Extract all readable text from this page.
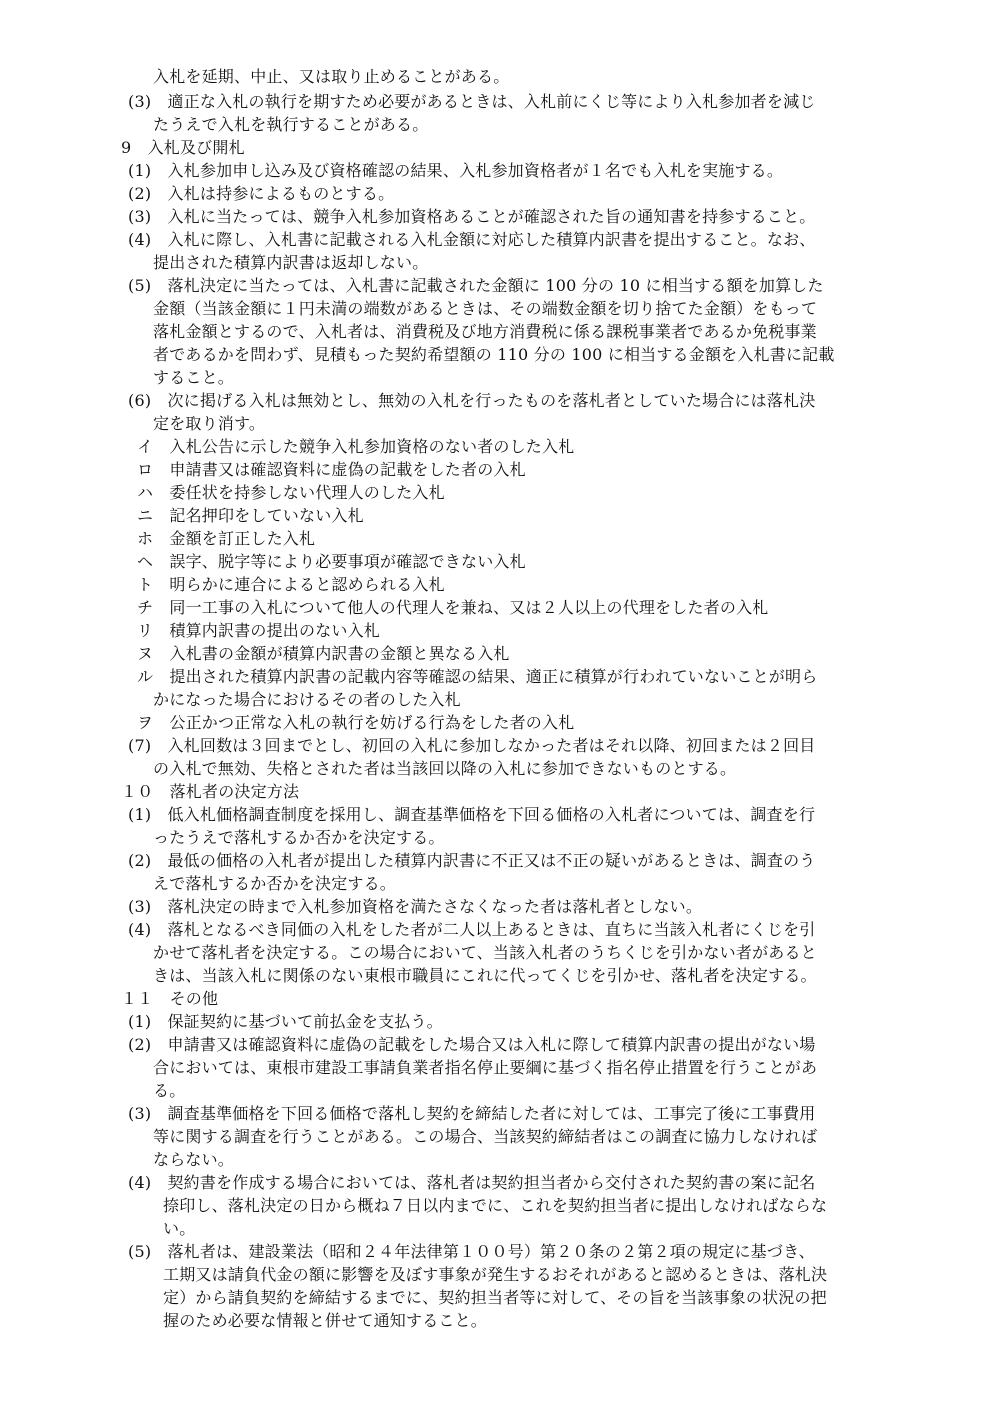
入札を延期、中止、又は取り止めることがある。
(3)　適正な入札の執行を期すため必要があるときは、入札前にくじ等により入札参加者を減じ
たうえで入札を執行することがある。
9　入札及び開札
(1)　入札参加申し込み及び資格確認の結果、入札参加資格者が１名でも入札を実施する。
(2)　入札は持参によるものとする。
(3)　入札に当たっては、競争入札参加資格あることが確認された旨の通知書を持参すること。
(4)　入札に際し、入札書に記載される入札金額に対応した積算内訳書を提出すること。なお、
提出された積算内訳書は返却しない。
(5)　落札決定に当たっては、入札書に記載された金額に 100 分の 10 に相当する額を加算した
金額（当該金額に１円未満の端数があるときは、その端数金額を切り捨てた金額）をもって
落札金額とするので、入札者は、消費税及び地方消費税に係る課税事業者であるか免税事業
者であるかを問わず、見積もった契約希望額の 110 分の 100 に相当する金額を入札書に記載
すること。
(6)　次に掲げる入札は無効とし、無効の入札を行ったものを落札者としていた場合には落札決
定を取り消す。
イ　入札公告に示した競争入札参加資格のない者のした入札
ロ　申請書又は確認資料に虚偽の記載をした者の入札
ハ　委任状を持参しない代理人のした入札
ニ　記名押印をしていない入札
ホ　金額を訂正した入札
ヘ　誤字、脱字等により必要事項が確認できない入札
ト　明らかに連合によると認められる入札
チ　同一工事の入札について他人の代理人を兼ね、又は２人以上の代理をした者の入札
リ　積算内訳書の提出のない入札
ヌ　入札書の金額が積算内訳書の金額と異なる入札
ル　提出された積算内訳書の記載内容等確認の結果、適正に積算が行われていないことが明ら
かになった場合におけるその者のした入札
ヲ　公正かつ正常な入札の執行を妨げる行為をした者の入札
(7)　入札回数は３回までとし、初回の入札に参加しなかった者はそれ以降、初回または２回目
の入札で無効、失格とされた者は当該回以降の入札に参加できないものとする。
１０　落札者の決定方法
(1)　低入札価格調査制度を採用し、調査基準価格を下回る価格の入札者については、調査を行
ったうえで落札するか否かを決定する。
(2)　最低の価格の入札者が提出した積算内訳書に不正又は不正の疑いがあるときは、調査のう
えで落札するか否かを決定する。
(3)　落札決定の時まで入札参加資格を満たさなくなった者は落札者としない。
(4)　落札となるべき同価の入札をした者が二人以上あるときは、直ちに当該入札者にくじを引
かせて落札者を決定する。この場合において、当該入札者のうちくじを引かない者があると
きは、当該入札に関係のない東根市職員にこれに代ってくじを引かせ、落札者を決定する。
１１　その他
(1)　保証契約に基づいて前払金を支払う。
(2)　申請書又は確認資料に虚偽の記載をした場合又は入札に際して積算内訳書の提出がない場
合においては、東根市建設工事請負業者指名停止要綱に基づく指名停止措置を行うことがあ
る。
(3)　調査基準価格を下回る価格で落札し契約を締結した者に対しては、工事完了後に工事費用
等に関する調査を行うことがある。この場合、当該契約締結者はこの調査に協力しなければ
ならない。
(4)　契約書を作成する場合においては、落札者は契約担当者から交付された契約書の案に記名
捺印し、落札決定の日から概ね７日以内までに、これを契約担当者に提出しなければならな
い。
(5)　落札者は、建設業法（昭和２４年法律第１００号）第２０条の２第２項の規定に基づき、
工期又は請負代金の額に影響を及ぼす事象が発生するおそれがあると認めるときは、落札決
定）から請負契約を締結するまでに、契約担当者等に対して、その旨を当該事象の状況の把
握のため必要な情報と併せて通知すること。
